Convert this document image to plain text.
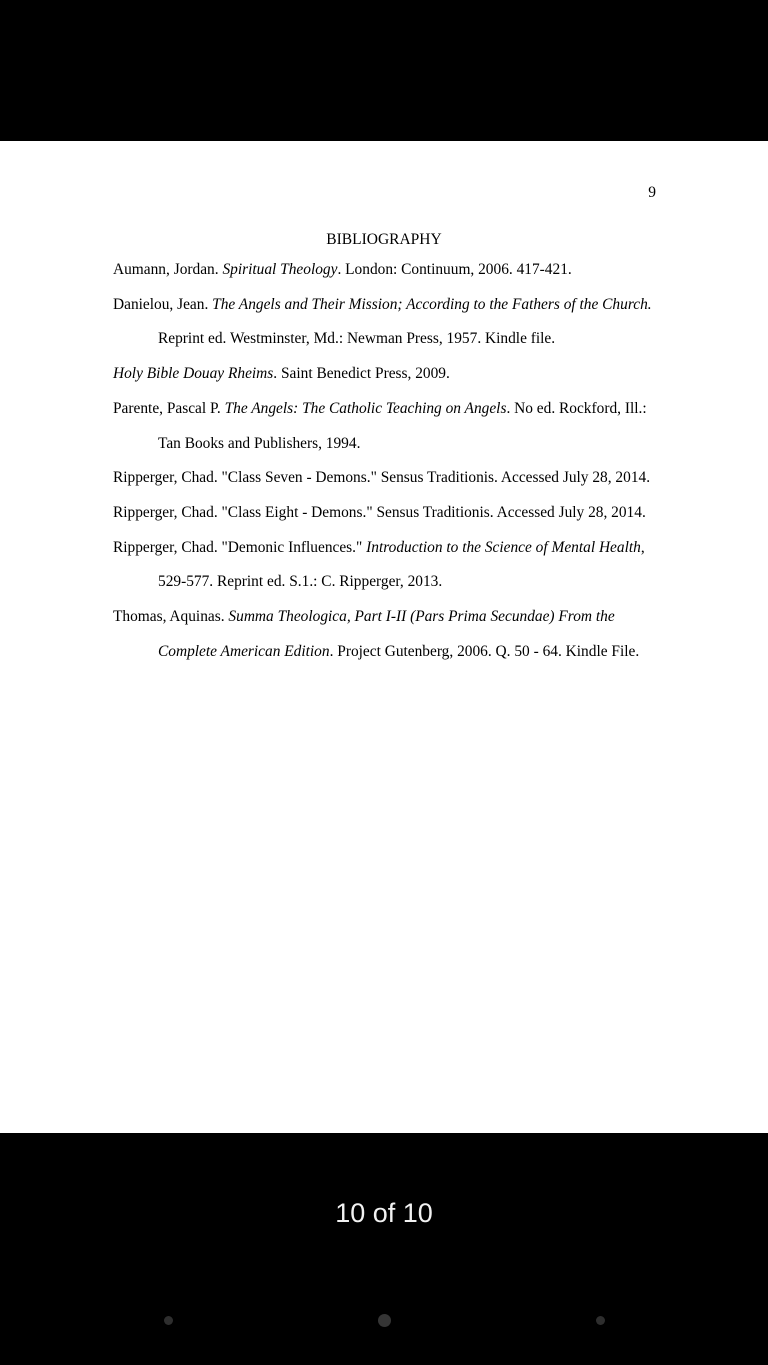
9
BIBLIOGRAPHY
Aumann, Jordan. Spiritual Theology. London: Continuum, 2006. 417-421.
Danielou, Jean. The Angels and Their Mission; According to the Fathers of the Church.
Reprint ed. Westminster, Md.: Newman Press, 1957. Kindle file.
Holy Bible Douay Rheims. Saint Benedict Press, 2009.
Parente, Pascal P. The Angels: The Catholic Teaching on Angels. No ed. Rockford, Ill.:
Tan Books and Publishers, 1994.
Ripperger, Chad. "Class Seven - Demons." Sensus Traditionis. Accessed July 28, 2014.
Ripperger, Chad. "Class Eight - Demons." Sensus Traditionis. Accessed July 28, 2014.
Ripperger, Chad. "Demonic Influences." Introduction to the Science of Mental Health,
529-577. Reprint ed. S.1.: C. Ripperger, 2013.
Thomas, Aquinas. Summa Theologica, Part I-II (Pars Prima Secundae) From the
Complete American Edition. Project Gutenberg, 2006. Q. 50 - 64. Kindle File.
10 of 10
